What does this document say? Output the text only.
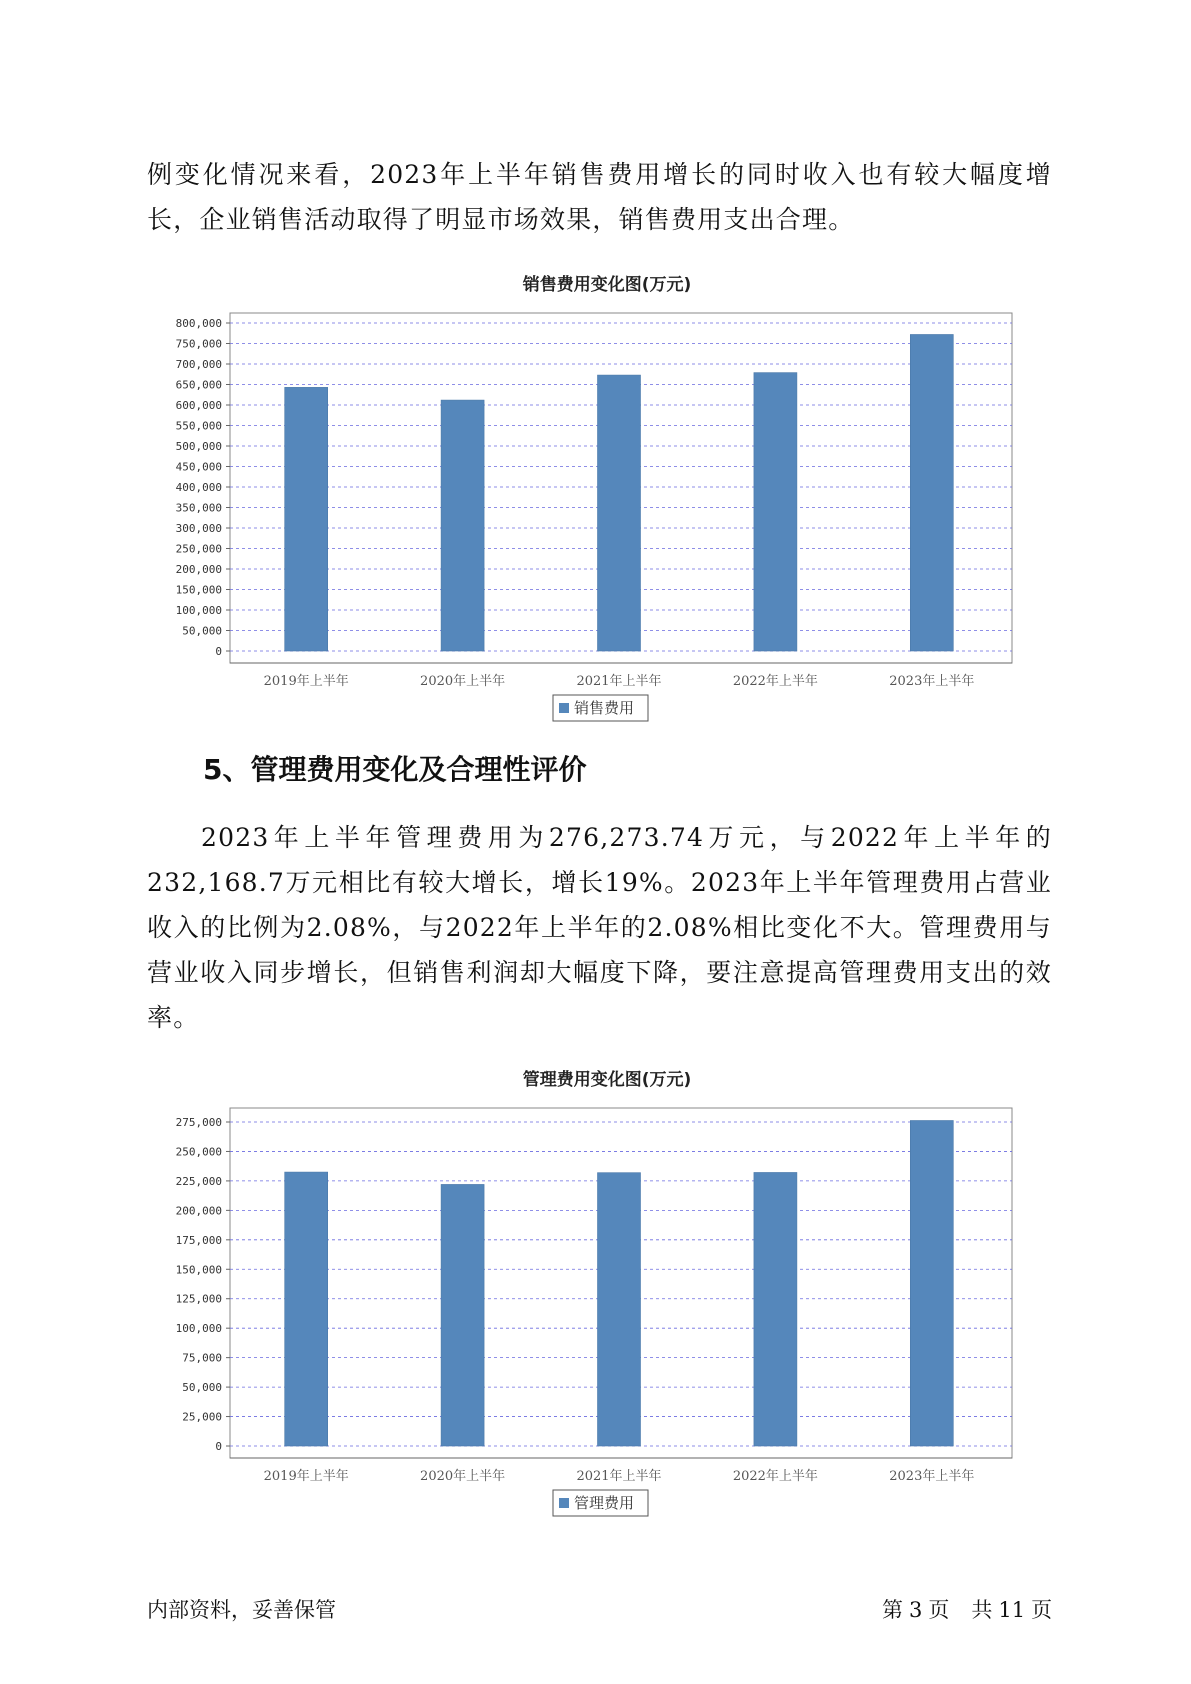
例变化情况来看，2023年上半年销售费用增长的同时收入也有较大幅度增长，企业销售活动取得了明显市场效果，销售费用支出合理。

销售费用变化图(万元)
0
50,000
100,000
150,000
200,000
250,000
300,000
350,000
400,000
450,000
500,000
550,000
600,000
650,000
700,000
750,000
800,000
2019年上半年	2020年上半年	2021年上半年	2022年上半年	2023年上半年
销售费用
5、管理费用变化及合理性评价

2023年上半年管理费用为276,273.74万元，与2022年上半年的232,168.7万元相比有较大增长，增长19%。2023年上半年管理费用占营业收入的比例为2.08%，与2022年上半年的2.08%相比变化不大。管理费用与营业收入同步增长，但销售利润却大幅度下降，要注意提高管理费用支出的效率。

管理费用变化图(万元)
0
25,000
50,000
75,000
100,000
125,000
150,000
175,000
200,000
225,000
250,000
275,000
2019年上半年	2020年上半年	2021年上半年	2022年上半年	2023年上半年
管理费用
内部资料，妥善保管	第 3 页 共 11 页
